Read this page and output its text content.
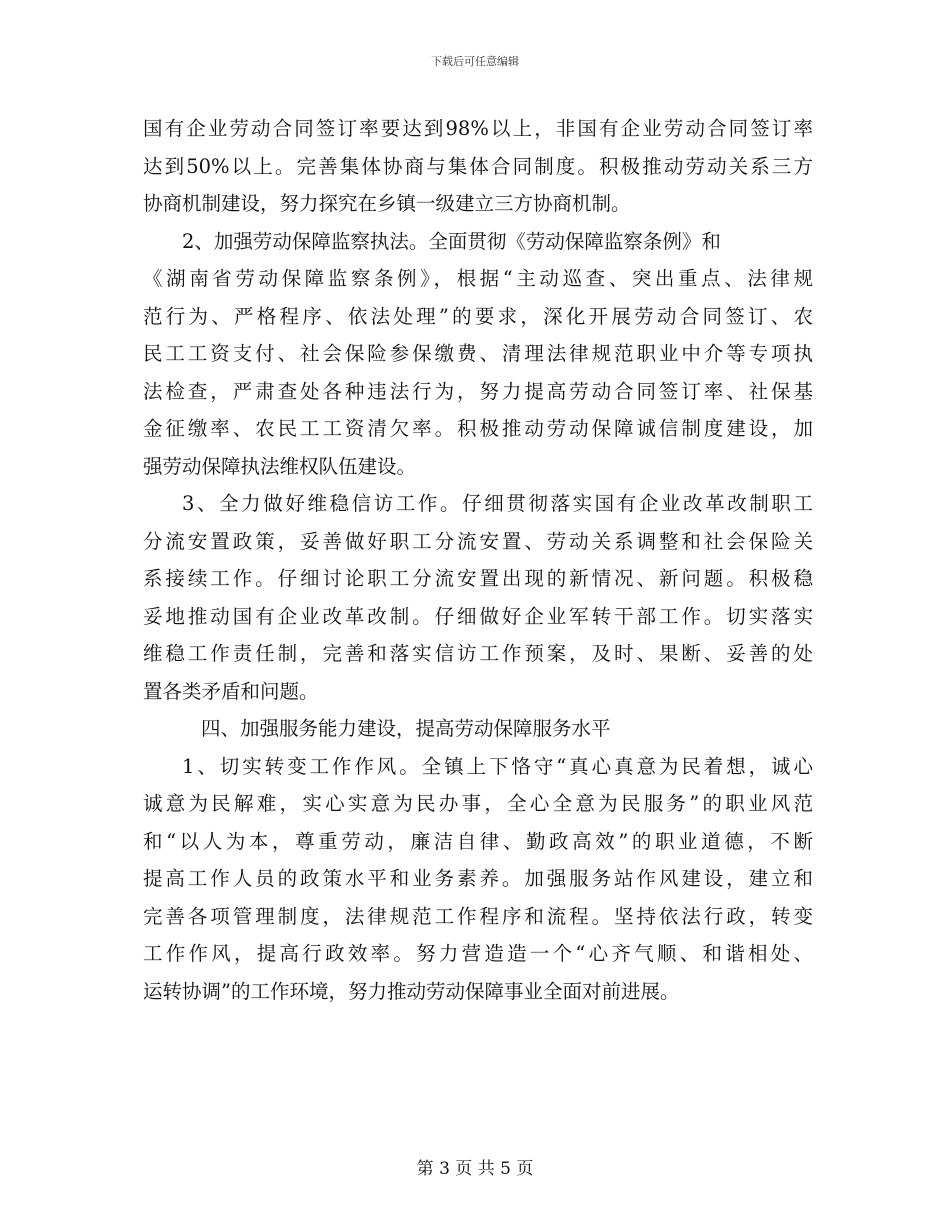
下载后可任意编辑
国有企业劳动合同签订率要达到98%以上，非国有企业劳动合同签订率
达到50%以上。完善集体协商与集体合同制度。积极推动劳动关系三方
协商机制建设，努力探究在乡镇一级建立三方协商机制。
2、加强劳动保障监察执法。全面贯彻《劳动保障监察条例》和
《湖南省劳动保障监察条例》，根据“主动巡查、突出重点、法律规
范行为、严格程序、依法处理”的要求，深化开展劳动合同签订、农
民工工资支付、社会保险参保缴费、清理法律规范职业中介等专项执
法检查，严肃查处各种违法行为，努力提高劳动合同签订率、社保基
金征缴率、农民工工资清欠率。积极推动劳动保障诚信制度建设，加
强劳动保障执法维权队伍建设。
3、全力做好维稳信访工作。仔细贯彻落实国有企业改革改制职工
分流安置政策，妥善做好职工分流安置、劳动关系调整和社会保险关
系接续工作。仔细讨论职工分流安置出现的新情况、新问题。积极稳
妥地推动国有企业改革改制。仔细做好企业军转干部工作。切实落实
维稳工作责任制，完善和落实信访工作预案，及时、果断、妥善的处
置各类矛盾和问题。
四、加强服务能力建设，提高劳动保障服务水平
1、切实转变工作作风。全镇上下恪守“真心真意为民着想，诚心
诚意为民解难，实心实意为民办事，全心全意为民服务”的职业风范
和“以人为本，尊重劳动，廉洁自律、勤政高效”的职业道德，不断
提高工作人员的政策水平和业务素养。加强服务站作风建设，建立和
完善各项管理制度，法律规范工作程序和流程。坚持依法行政，转变
工作作风，提高行政效率。努力营造造一个“心齐气顺、和谐相处、
运转协调”的工作环境，努力推动劳动保障事业全面对前进展。
第 3 页 共 5 页
